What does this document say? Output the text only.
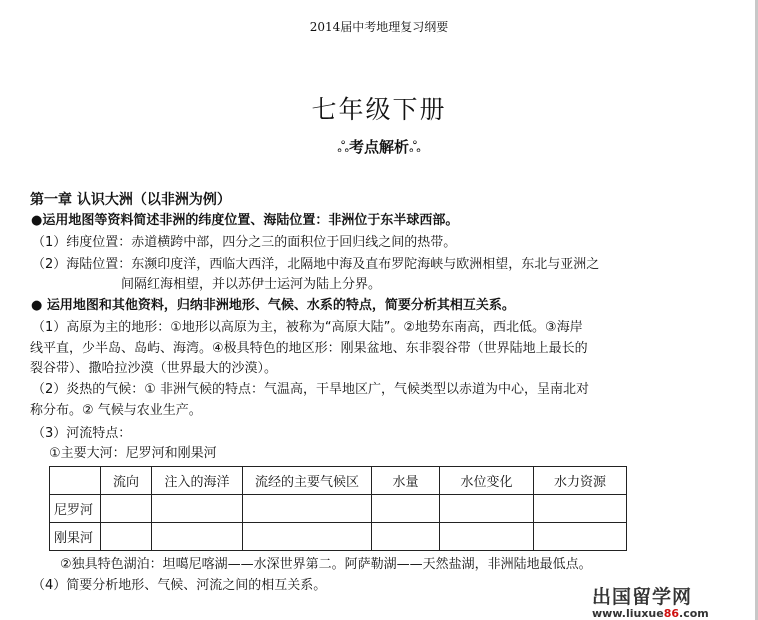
2014届中考地理复习纲要
七年级下册
ஃ考点解析ஃ
第一章 认识大洲（以非洲为例）
●运用地图等资料简述非洲的纬度位置、海陆位置：非洲位于东半球西部。
（1）纬度位置：赤道横跨中部，四分之三的面积位于回归线之间的热带。
（2）海陆位置：东濒印度洋，西临大西洋，北隔地中海及直布罗陀海峡与欧洲相望，东北与亚洲之
间隔红海相望，并以苏伊士运河为陆上分界。
● 运用地图和其他资料，归纳非洲地形、气候、水系的特点，简要分析其相互关系。
（1）高原为主的地形：①地形以高原为主，被称为“高原大陆”。②地势东南高，西北低。③海岸
线平直，少半岛、岛屿、海湾。④极具特色的地区形：刚果盆地、东非裂谷带（世界陆地上最长的
裂谷带）、撒哈拉沙漠（世界最大的沙漠）。
（2）炎热的气候：① 非洲气候的特点：气温高，干旱地区广，气候类型以赤道为中心，呈南北对
称分布。② 气候与农业生产。
（3）河流特点：
①主要大河：尼罗河和刚果河
	流向	注入的海洋	流经的主要气候区	水量	水位变化	水力资源
尼罗河						
刚果河						
②独具特色湖泊：坦噶尼喀湖——水深世界第二。阿萨勒湖——天然盐湖，非洲陆地最低点。
（4）简要分析地形、气候、河流之间的相互关系。
出国留学网
www.liuxue86.com
